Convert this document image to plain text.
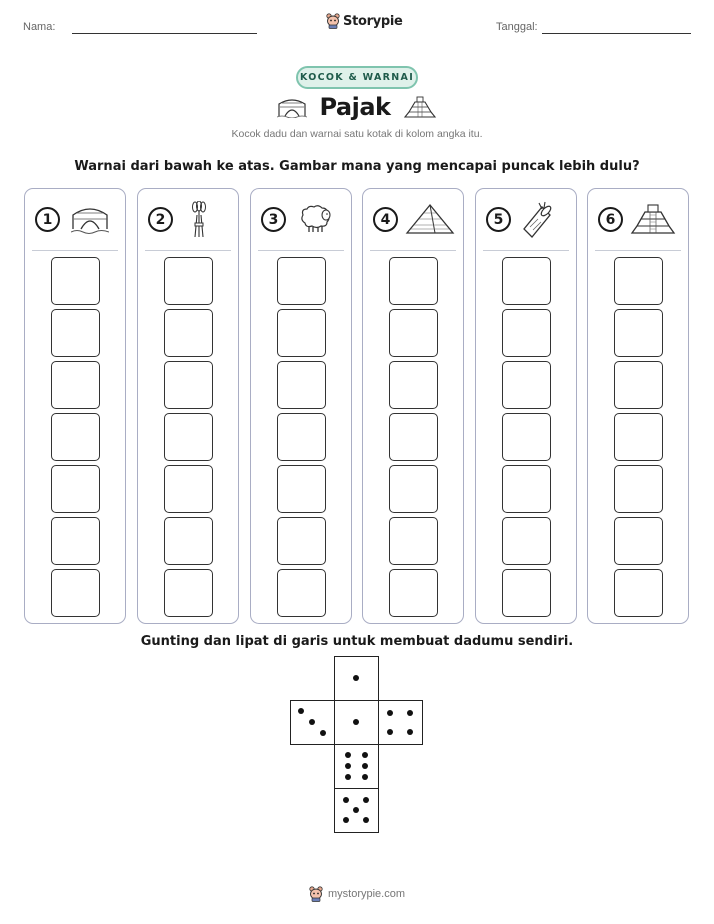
Nama:	Storypie	Tanggal:
KOCOK & WARNAI
Pajak
Kocok dadu dan warnai satu kotak di kolom angka itu.
Warnai dari bawah ke atas. Gambar mana yang mencapai puncak lebih dulu?
1	2	3	4	5	6
Gunting dan lipat di garis untuk membuat dadumu sendiri.
mystorypie.com
